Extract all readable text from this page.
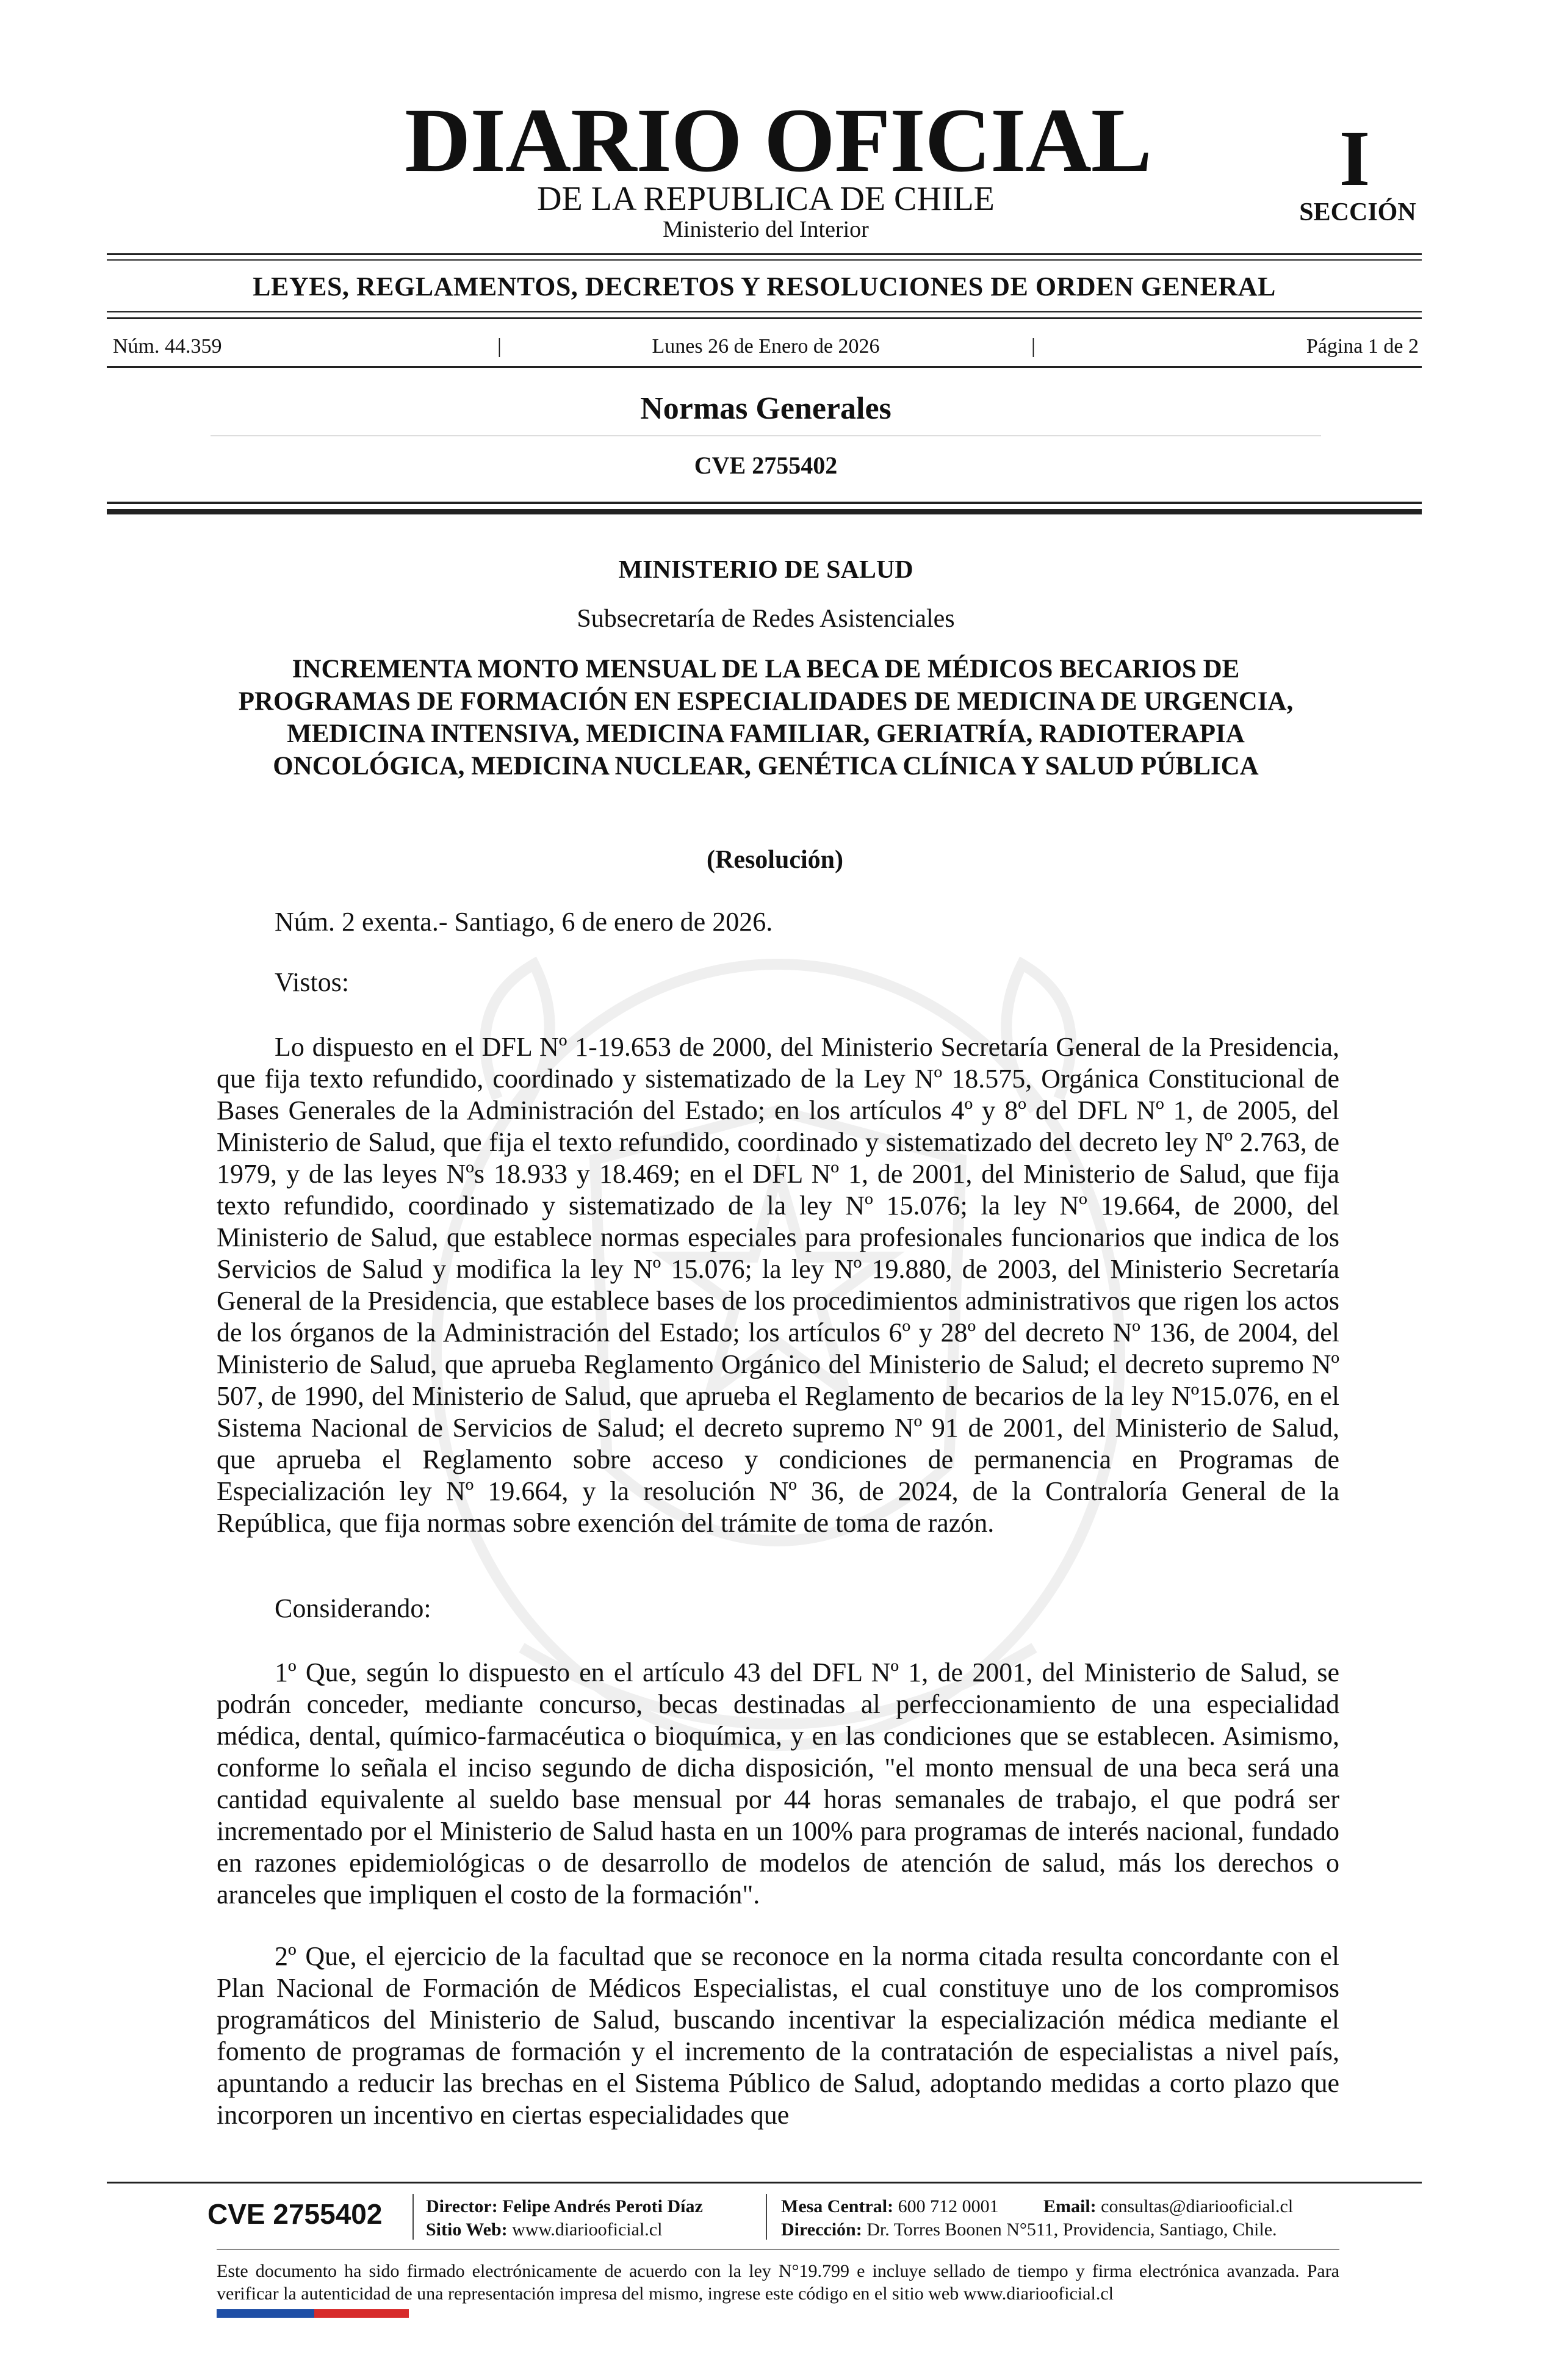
DIARIO OFICIAL
DE LA REPUBLICA DE CHILE
Ministerio del Interior
I
SECCIÓN
LEYES, REGLAMENTOS, DECRETOS Y RESOLUCIONES DE ORDEN GENERAL
Núm. 44.359	|	Lunes 26 de Enero de 2026	|	Página 1 de 2
Normas Generales
CVE 2755402
MINISTERIO DE SALUD
Subsecretaría de Redes Asistenciales
INCREMENTA MONTO MENSUAL DE LA BECA DE MÉDICOS BECARIOS DE PROGRAMAS DE FORMACIÓN EN ESPECIALIDADES DE MEDICINA DE URGENCIA, MEDICINA INTENSIVA, MEDICINA FAMILIAR, GERIATRÍA, RADIOTERAPIA ONCOLÓGICA, MEDICINA NUCLEAR, GENÉTICA CLÍNICA Y SALUD PÚBLICA
(Resolución)
Núm. 2 exenta.- Santiago, 6 de enero de 2026.
Vistos:
Lo dispuesto en el DFL Nº 1-19.653 de 2000, del Ministerio Secretaría General de la Presidencia, que fija texto refundido, coordinado y sistematizado de la Ley Nº 18.575, Orgánica Constitucional de Bases Generales de la Administración del Estado; en los artículos 4º y 8º del DFL Nº 1, de 2005, del Ministerio de Salud, que fija el texto refundido, coordinado y sistematizado del decreto ley Nº 2.763, de 1979, y de las leyes Nºs 18.933 y 18.469; en el DFL Nº 1, de 2001, del Ministerio de Salud, que fija texto refundido, coordinado y sistematizado de la ley Nº 15.076; la ley Nº 19.664, de 2000, del Ministerio de Salud, que establece normas especiales para profesionales funcionarios que indica de los Servicios de Salud y modifica la ley Nº 15.076; la ley Nº 19.880, de 2003, del Ministerio Secretaría General de la Presidencia, que establece bases de los procedimientos administrativos que rigen los actos de los órganos de la Administración del Estado; los artículos 6º y 28º del decreto Nº 136, de 2004, del Ministerio de Salud, que aprueba Reglamento Orgánico del Ministerio de Salud; el decreto supremo Nº 507, de 1990, del Ministerio de Salud, que aprueba el Reglamento de becarios de la ley Nº15.076, en el Sistema Nacional de Servicios de Salud; el decreto supremo Nº 91 de 2001, del Ministerio de Salud, que aprueba el Reglamento sobre acceso y condiciones de permanencia en Programas de Especialización ley Nº 19.664, y la resolución Nº 36, de 2024, de la Contraloría General de la República, que fija normas sobre exención del trámite de toma de razón.
Considerando:
1º Que, según lo dispuesto en el artículo 43 del DFL Nº 1, de 2001, del Ministerio de Salud, se podrán conceder, mediante concurso, becas destinadas al perfeccionamiento de una especialidad médica, dental, químico-farmacéutica o bioquímica, y en las condiciones que se establecen. Asimismo, conforme lo señala el inciso segundo de dicha disposición, "el monto mensual de una beca será una cantidad equivalente al sueldo base mensual por 44 horas semanales de trabajo, el que podrá ser incrementado por el Ministerio de Salud hasta en un 100% para programas de interés nacional, fundado en razones epidemiológicas o de desarrollo de modelos de atención de salud, más los derechos o aranceles que impliquen el costo de la formación".
2º Que, el ejercicio de la facultad que se reconoce en la norma citada resulta concordante con el Plan Nacional de Formación de Médicos Especialistas, el cual constituye uno de los compromisos programáticos del Ministerio de Salud, buscando incentivar la especialización médica mediante el fomento de programas de formación y el incremento de la contratación de especialistas a nivel país, apuntando a reducir las brechas en el Sistema Público de Salud, adoptando medidas a corto plazo que incorporen un incentivo en ciertas especialidades que
CVE 2755402	Director: Felipe Andrés Peroti Díaz
Sitio Web: www.diariooficial.cl
Mesa Central: 600 712 0001 Email: consultas@diariooficial.cl
Dirección: Dr. Torres Boonen N°511, Providencia, Santiago, Chile.
Este documento ha sido firmado electrónicamente de acuerdo con la ley N°19.799 e incluye sellado de tiempo y firma electrónica avanzada. Para verificar la autenticidad de una representación impresa del mismo, ingrese este código en el sitio web www.diariooficial.cl
